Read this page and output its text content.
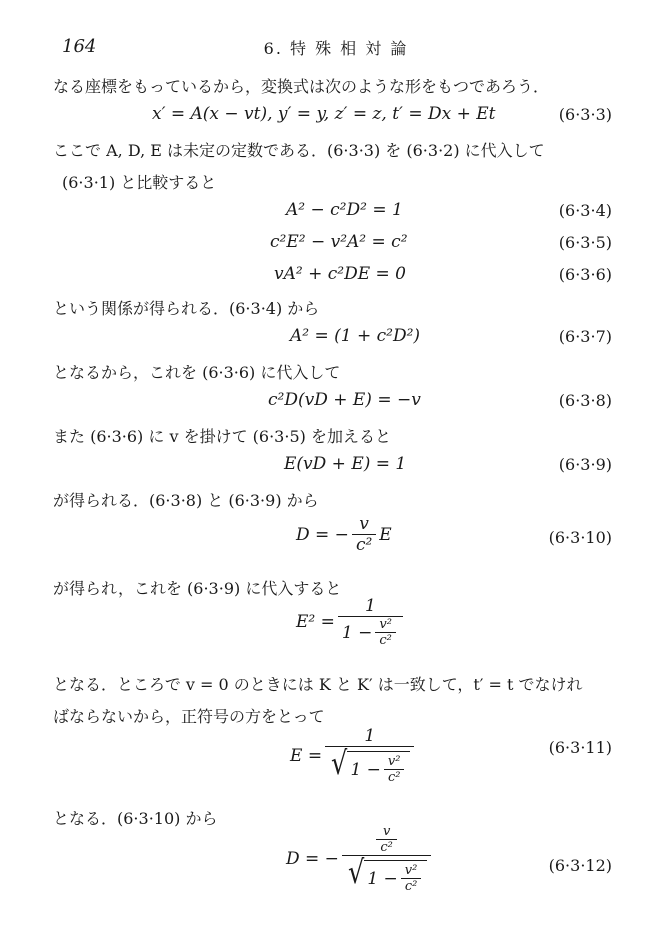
164	6. 特 殊 相 対 論
なる座標をもっているから，変換式は次のような形をもつであろう．
x′ = A(x − vt), y′ = y, z′ = z, t′ = Dx + Et	(6·3·3)
ここで A, D, E は未定の定数である．(6·3·3) を (6·3·2) に代入して
(6·3·1) と比較すると
A² − c²D² = 1	(6·3·4)
c²E² − v²A² = c²	(6·3·5)
vA² + c²DE = 0	(6·3·6)
という関係が得られる．(6·3·4) から
A² = (1 + c²D²)	(6·3·7)
となるから，これを (6·3·6) に代入して
c²D(vD + E) = −v	(6·3·8)
また (6·3·6) に v を掛けて (6·3·5) を加えると
E(vD + E) = 1	(6·3·9)
が得られる．(6·3·8) と (6·3·9) から
D = − $\frac{v}{\text{c²}}$ E	(6·3·10)
が得られ，これを (6·3·9) に代入すると
$E^2 = \frac{1}{1 - \frac{\text{v²}}{\text{c²}}}$
となる．ところで v = 0 のときには K と K′ は一致して，t′ = t でなけれ
ばならないから，正符号の方をとって
E =
1
√ $1 - \frac{\text{v²}}{\text{c²}}$
(6·3·11)
となる．(6·3·10) から
D = −
$\frac{v}{\text{c²}}$
√ $1 - \frac{\text{v²}}{\text{c²}}$	(6·3·12)
